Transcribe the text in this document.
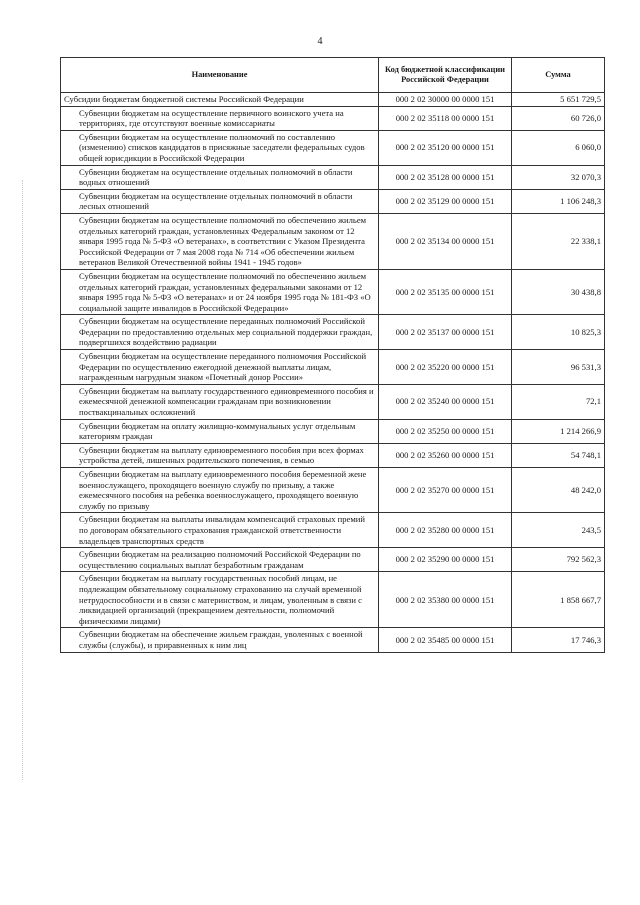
4
Наименование	Код бюджетной классификации Российской Федерации	Сумма
Субсидии бюджетам бюджетной системы Российской Федерации	000 2 02 30000 00 0000 151	5 651 729,5
Субвенции бюджетам на осуществление первичного воинского учета на территориях, где отсутствуют военные комиссариаты	000 2 02 35118 00 0000 151	60 726,0
Субвенции бюджетам на осуществление полномочий по составлению (изменению) списков кандидатов в присяжные заседатели федеральных судов общей юрисдикции в Российской Федерации	000 2 02 35120 00 0000 151	6 060,0
Субвенции бюджетам на осуществление отдельных полномочий в области водных отношений	000 2 02 35128 00 0000 151	32 070,3
Субвенции бюджетам на осуществление отдельных полномочий в области лесных отношений	000 2 02 35129 00 0000 151	1 106 248,3
Субвенции бюджетам на осуществление полномочий по обеспечению жильем отдельных категорий граждан, установленных Федеральным законом от 12 января 1995 года № 5-ФЗ «О ветеранах», в соответствии с Указом Президента Российской Федерации от 7 мая 2008 года № 714 «Об обеспечении жильем ветеранов Великой Отечественной войны 1941 - 1945 годов»	000 2 02 35134 00 0000 151	22 338,1
Субвенции бюджетам на осуществление полномочий по обеспечению жильем отдельных категорий граждан, установленных федеральными законами от 12 января 1995 года № 5-ФЗ «О ветеранах» и от 24 ноября 1995 года № 181-ФЗ «О социальной защите инвалидов в Российской Федерации»	000 2 02 35135 00 0000 151	30 438,8
Субвенции бюджетам на осуществление переданных полномочий Российской Федерации по предоставлению отдельных мер социальной поддержки граждан, подвергшихся воздействию радиации	000 2 02 35137 00 0000 151	10 825,3
Субвенции бюджетам на осуществление переданного полномочия Российской Федерации по осуществлению ежегодной денежной выплаты лицам, награжденным нагрудным знаком «Почетный донор России»	000 2 02 35220 00 0000 151	96 531,3
Субвенции бюджетам на выплату государственного единовременного пособия и ежемесячной денежной компенсации гражданам при возникновении поствакцинальных осложнений	000 2 02 35240 00 0000 151	72,1
Субвенции бюджетам на оплату жилищно-коммунальных услуг отдельным категориям граждан	000 2 02 35250 00 0000 151	1 214 266,9
Субвенции бюджетам на выплату единовременного пособия при всех формах устройства детей, лишенных родительского попечения, в семью	000 2 02 35260 00 0000 151	54 748,1
Субвенции бюджетам на выплату единовременного пособия беременной жене военнослужащего, проходящего военную службу по призыву, а также ежемесячного пособия на ребенка военнослужащего, проходящего военную службу по призыву	000 2 02 35270 00 0000 151	48 242,0
Субвенции бюджетам на выплаты инвалидам компенсаций страховых премий по договорам обязательного страхования гражданской ответственности владельцев транспортных средств	000 2 02 35280 00 0000 151	243,5
Субвенции бюджетам на реализацию полномочий Российской Федерации по осуществлению социальных выплат безработным гражданам	000 2 02 35290 00 0000 151	792 562,3
Субвенции бюджетам на выплату государственных пособий лицам, не подлежащим обязательному социальному страхованию на случай временной нетрудоспособности и в связи с материнством, и лицам, уволенным в связи с ликвидацией организаций (прекращением деятельности, полномочий физическими лицами)	000 2 02 35380 00 0000 151	1 858 667,7
Субвенции бюджетам на обеспечение жильем граждан, уволенных с военной службы (службы), и приравненных к ним лиц	000 2 02 35485 00 0000 151	17 746,3
